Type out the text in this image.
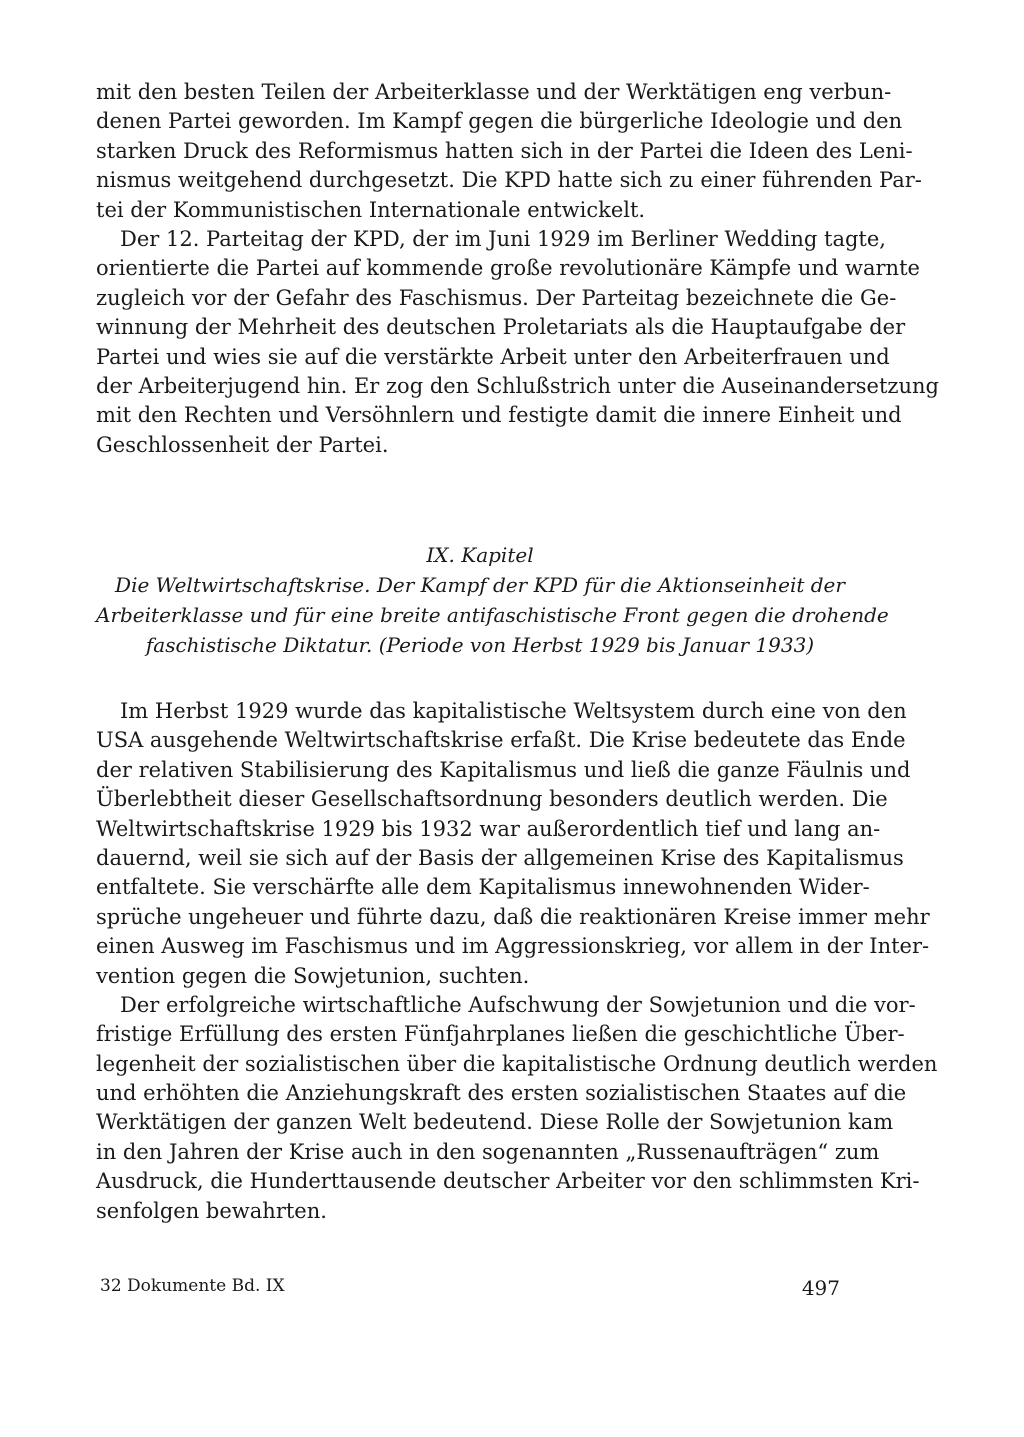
mit den besten Teilen der Arbeiterklasse und der Werktätigen eng verbun-
denen Partei geworden. Im Kampf gegen die bürgerliche Ideologie und den
starken Druck des Reformismus hatten sich in der Partei die Ideen des Leni-
nismus weitgehend durchgesetzt. Die KPD hatte sich zu einer führenden Par-
tei der Kommunistischen Internationale entwickelt.
Der 12. Parteitag der KPD, der im Juni 1929 im Berliner Wedding tagte,
orientierte die Partei auf kommende große revolutionäre Kämpfe und warnte
zugleich vor der Gefahr des Faschismus. Der Parteitag bezeichnete die Ge-
winnung der Mehrheit des deutschen Proletariats als die Hauptaufgabe der
Partei und wies sie auf die verstärkte Arbeit unter den Arbeiterfrauen und
der Arbeiterjugend hin. Er zog den Schlußstrich unter die Auseinandersetzung
mit den Rechten und Versöhnlern und festigte damit die innere Einheit und
Geschlossenheit der Partei.
IX. Kapitel
Die Weltwirtschaftskrise. Der Kampf der KPD für die Aktionseinheit der
Arbeiterklasse und für eine breite antifaschistische Front gegen die drohende
faschistische Diktatur. (Periode von Herbst 1929 bis Januar 1933)
Im Herbst 1929 wurde das kapitalistische Weltsystem durch eine von den
USA ausgehende Weltwirtschaftskrise erfaßt. Die Krise bedeutete das Ende
der relativen Stabilisierung des Kapitalismus und ließ die ganze Fäulnis und
Überlebtheit dieser Gesellschaftsordnung besonders deutlich werden. Die
Weltwirtschaftskrise 1929 bis 1932 war außerordentlich tief und lang an-
dauernd, weil sie sich auf der Basis der allgemeinen Krise des Kapitalismus
entfaltete. Sie verschärfte alle dem Kapitalismus innewohnenden Wider-
sprüche ungeheuer und führte dazu, daß die reaktionären Kreise immer mehr
einen Ausweg im Faschismus und im Aggressionskrieg, vor allem in der Inter-
vention gegen die Sowjetunion, suchten.
Der erfolgreiche wirtschaftliche Aufschwung der Sowjetunion und die vor-
fristige Erfüllung des ersten Fünfjahrplanes ließen die geschichtliche Über-
legenheit der sozialistischen über die kapitalistische Ordnung deutlich werden
und erhöhten die Anziehungskraft des ersten sozialistischen Staates auf die
Werktätigen der ganzen Welt bedeutend. Diese Rolle der Sowjetunion kam
in den Jahren der Krise auch in den sogenannten „Russenaufträgen“ zum
Ausdruck, die Hunderttausende deutscher Arbeiter vor den schlimmsten Kri-
senfolgen bewahrten.
32 Dokumente Bd. IX	497
